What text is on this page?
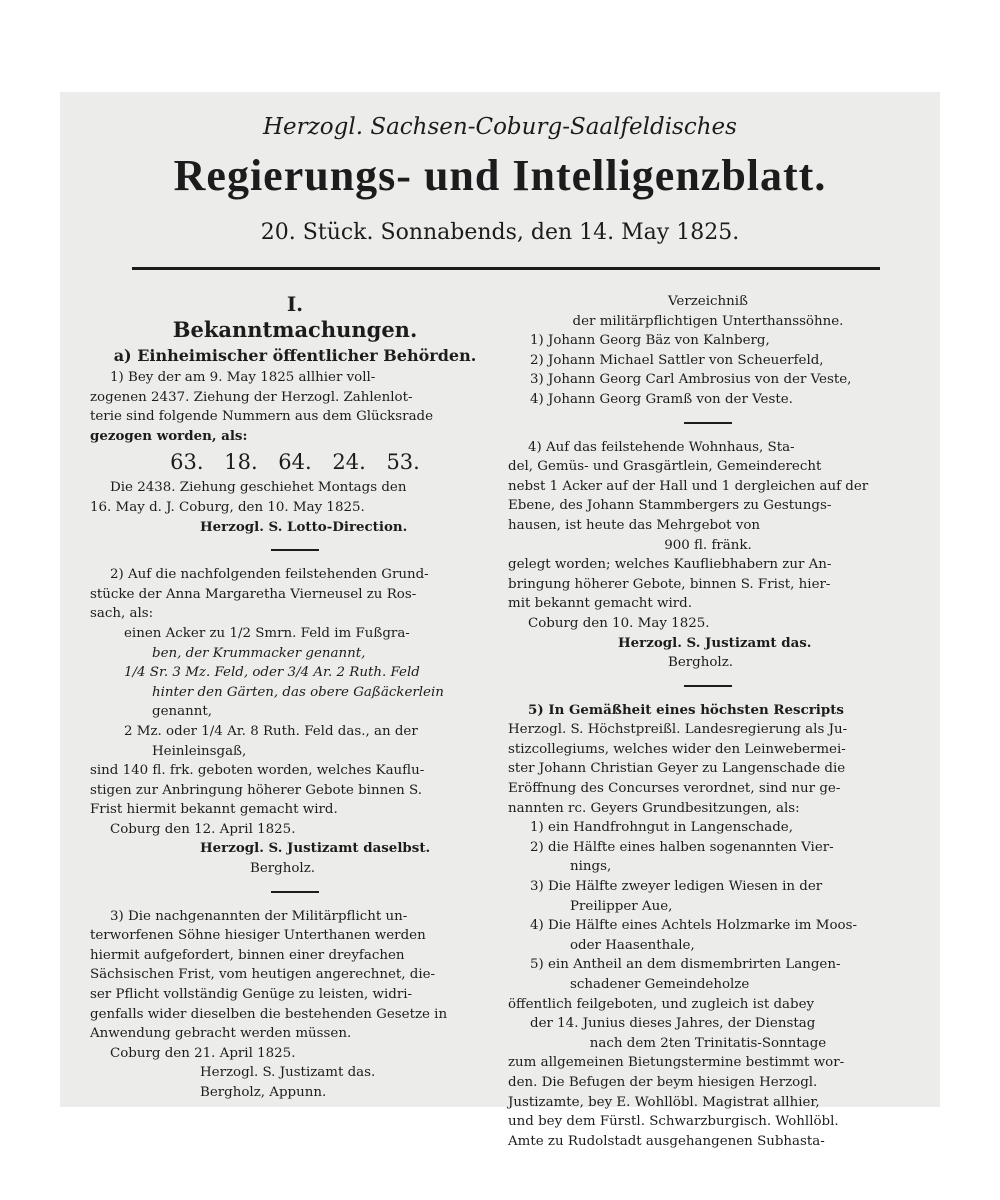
Herzogl. Sachsen-Coburg-Saalfeldisches
Regierungs- und Intelligenzblatt.
20. Stück. Sonnabends, den 14. May 1825.
I.
Bekanntmachungen.
a) Einheimischer öffentlicher Behörden.

1) Bey der am 9. May 1825 allhier voll-

zogenen 2437. Ziehung der Herzogl. Zahlenlot-

terie sind folgende Nummern aus dem Glücksrade

gezogen worden, als:

63. 18. 64. 24. 53.

Die 2438. Ziehung geschiehet Montags den

16. May d. J. Coburg, den 10. May 1825.

Herzogl. S. Lotto-Direction.

2) Auf die nachfolgenden feilstehenden Grund-

stücke der Anna Margaretha Vierneusel zu Ros-

sach, als:

einen Acker zu 1/2 Smrn. Feld im Fußgra-

ben, der Krummacker genannt,

1/4 Sr. 3 Mz. Feld, oder 3/4 Ar. 2 Ruth. Feld

hinter den Gärten, das obere Gaßäckerlein

genannt,

2 Mz. oder 1/4 Ar. 8 Ruth. Feld das., an der

Heinleinsgaß,

sind 140 fl. frk. geboten worden, welches Kauflu-

stigen zur Anbringung höherer Gebote binnen S.

Frist hiermit bekannt gemacht wird.

Coburg den 12. April 1825.

Herzogl. S. Justizamt daselbst.

Bergholz.

3) Die nachgenannten der Militärpflicht un-

terworfenen Söhne hiesiger Unterthanen werden

hiermit aufgefordert, binnen einer dreyfachen

Sächsischen Frist, vom heutigen angerechnet, die-

ser Pflicht vollständig Genüge zu leisten, widri-

genfalls wider dieselben die bestehenden Gesetze in

Anwendung gebracht werden müssen.

Coburg den 21. April 1825.

Herzogl. S. Justizamt das.

Bergholz, Appunn.

Verzeichniß

der militärpflichtigen Unterthanssöhne.

1) Johann Georg Bäz von Kalnberg,

2) Johann Michael Sattler von Scheuerfeld,

3) Johann Georg Carl Ambrosius von der Veste,

4) Johann Georg Gramß von der Veste.

4) Auf das feilstehende Wohnhaus, Sta-

del, Gemüs- und Grasgärtlein, Gemeinderecht

nebst 1 Acker auf der Hall und 1 dergleichen auf der

Ebene, des Johann Stammbergers zu Gestungs-

hausen, ist heute das Mehrgebot von

900 fl. fränk.

gelegt worden; welches Kaufliebhabern zur An-

bringung höherer Gebote, binnen S. Frist, hier-

mit bekannt gemacht wird.

Coburg den 10. May 1825.

Herzogl. S. Justizamt das.

Bergholz.

5) In Gemäßheit eines höchsten Rescripts

Herzogl. S. Höchstpreißl. Landesregierung als Ju-

stizcollegiums, welches wider den Leinwebermei-

ster Johann Christian Geyer zu Langenschade die

Eröffnung des Concurses verordnet, sind nur ge-

nannten rc. Geyers Grundbesitzungen, als:

1) ein Handfrohngut in Langenschade,

2) die Hälfte eines halben sogenannten Vier-

nings,

3) Die Hälfte zweyer ledigen Wiesen in der

Preilipper Aue,

4) Die Hälfte eines Achtels Holzmarke im Moos-

oder Haasenthale,

5) ein Antheil an dem dismembrirten Langen-

schadener Gemeindeholze

öffentlich feilgeboten, und zugleich ist dabey

der 14. Junius dieses Jahres, der Dienstag

nach dem 2ten Trinitatis-Sonntage

zum allgemeinen Bietungstermine bestimmt wor-

den. Die Befugen der beym hiesigen Herzogl.

Justizamte, bey E. Wohllöbl. Magistrat allhier,

und bey dem Fürstl. Schwarzburgisch. Wohllöbl.

Amte zu Rudolstadt ausgehangenen Subhasta-
